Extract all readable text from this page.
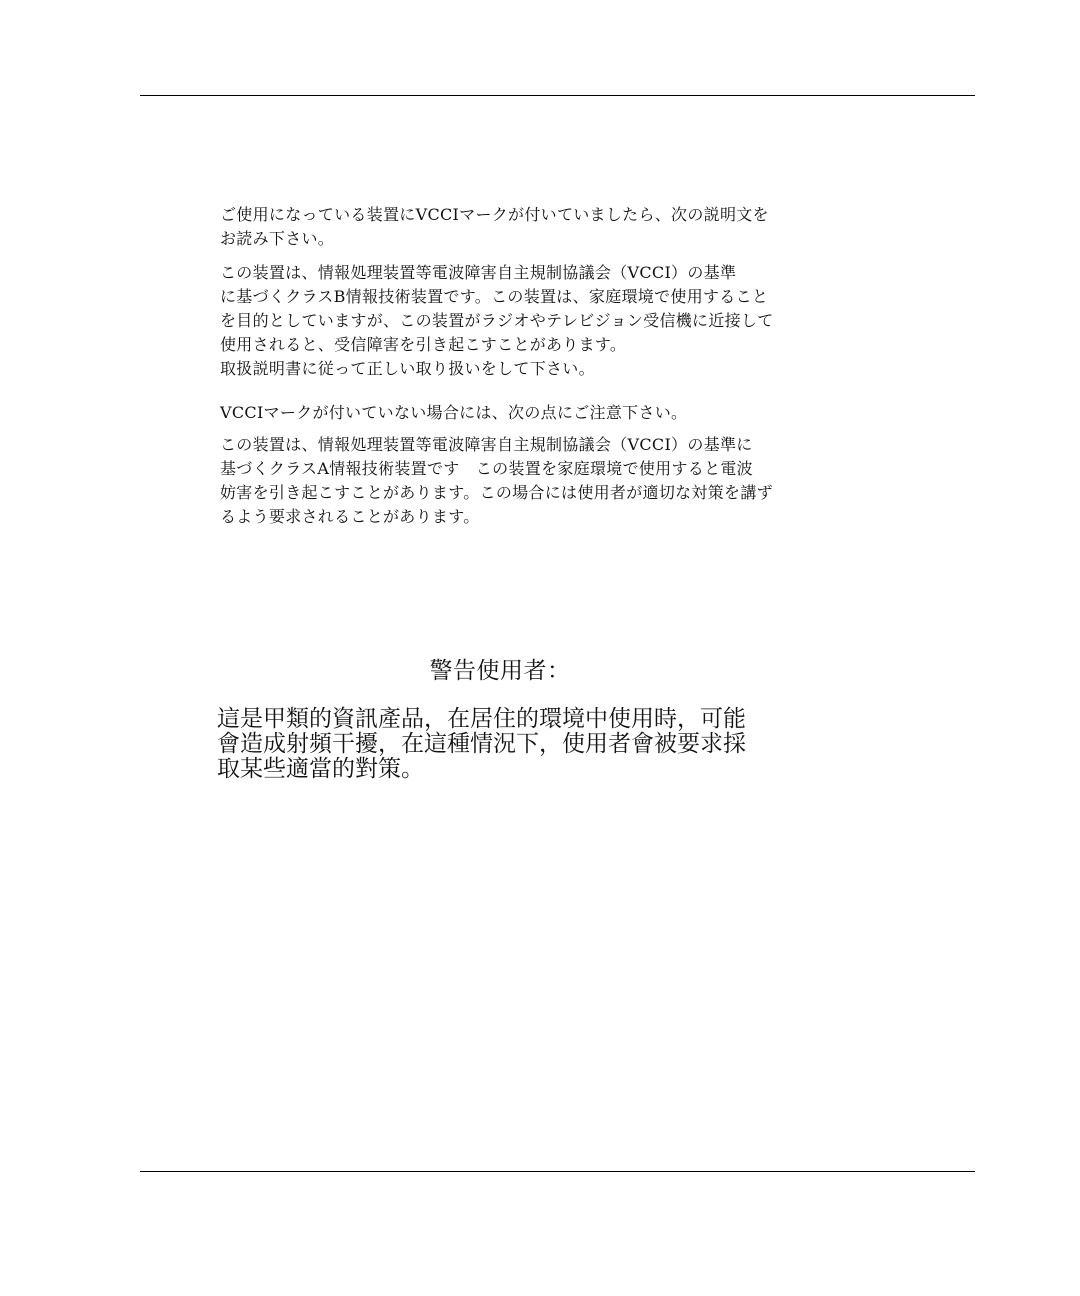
ご使用になっている装置にVCCIマークが付いていましたら、次の説明文を
お読み下さい。

この装置は、情報処理装置等電波障害自主規制協議会（VCCI）の基準
に基づくクラスB情報技術装置です。この装置は、家庭環境で使用すること
を目的としていますが、この装置がラジオやテレビジョン受信機に近接して
使用されると、受信障害を引き起こすことがあります。
取扱説明書に従って正しい取り扱いをして下さい。

VCCIマークが付いていない場合には、次の点にご注意下さい。

この装置は、情報処理装置等電波障害自主規制協議会（VCCI）の基準に
基づくクラスA情報技術装置です　この装置を家庭環境で使用すると電波
妨害を引き起こすことがあります。この場合には使用者が適切な対策を講ず
るよう要求されることがあります。

警告使用者：
這是甲類的資訊產品，在居住的環境中使用時，可能
會造成射頻干擾，在這種情況下，使用者會被要求採
取某些適當的對策。
